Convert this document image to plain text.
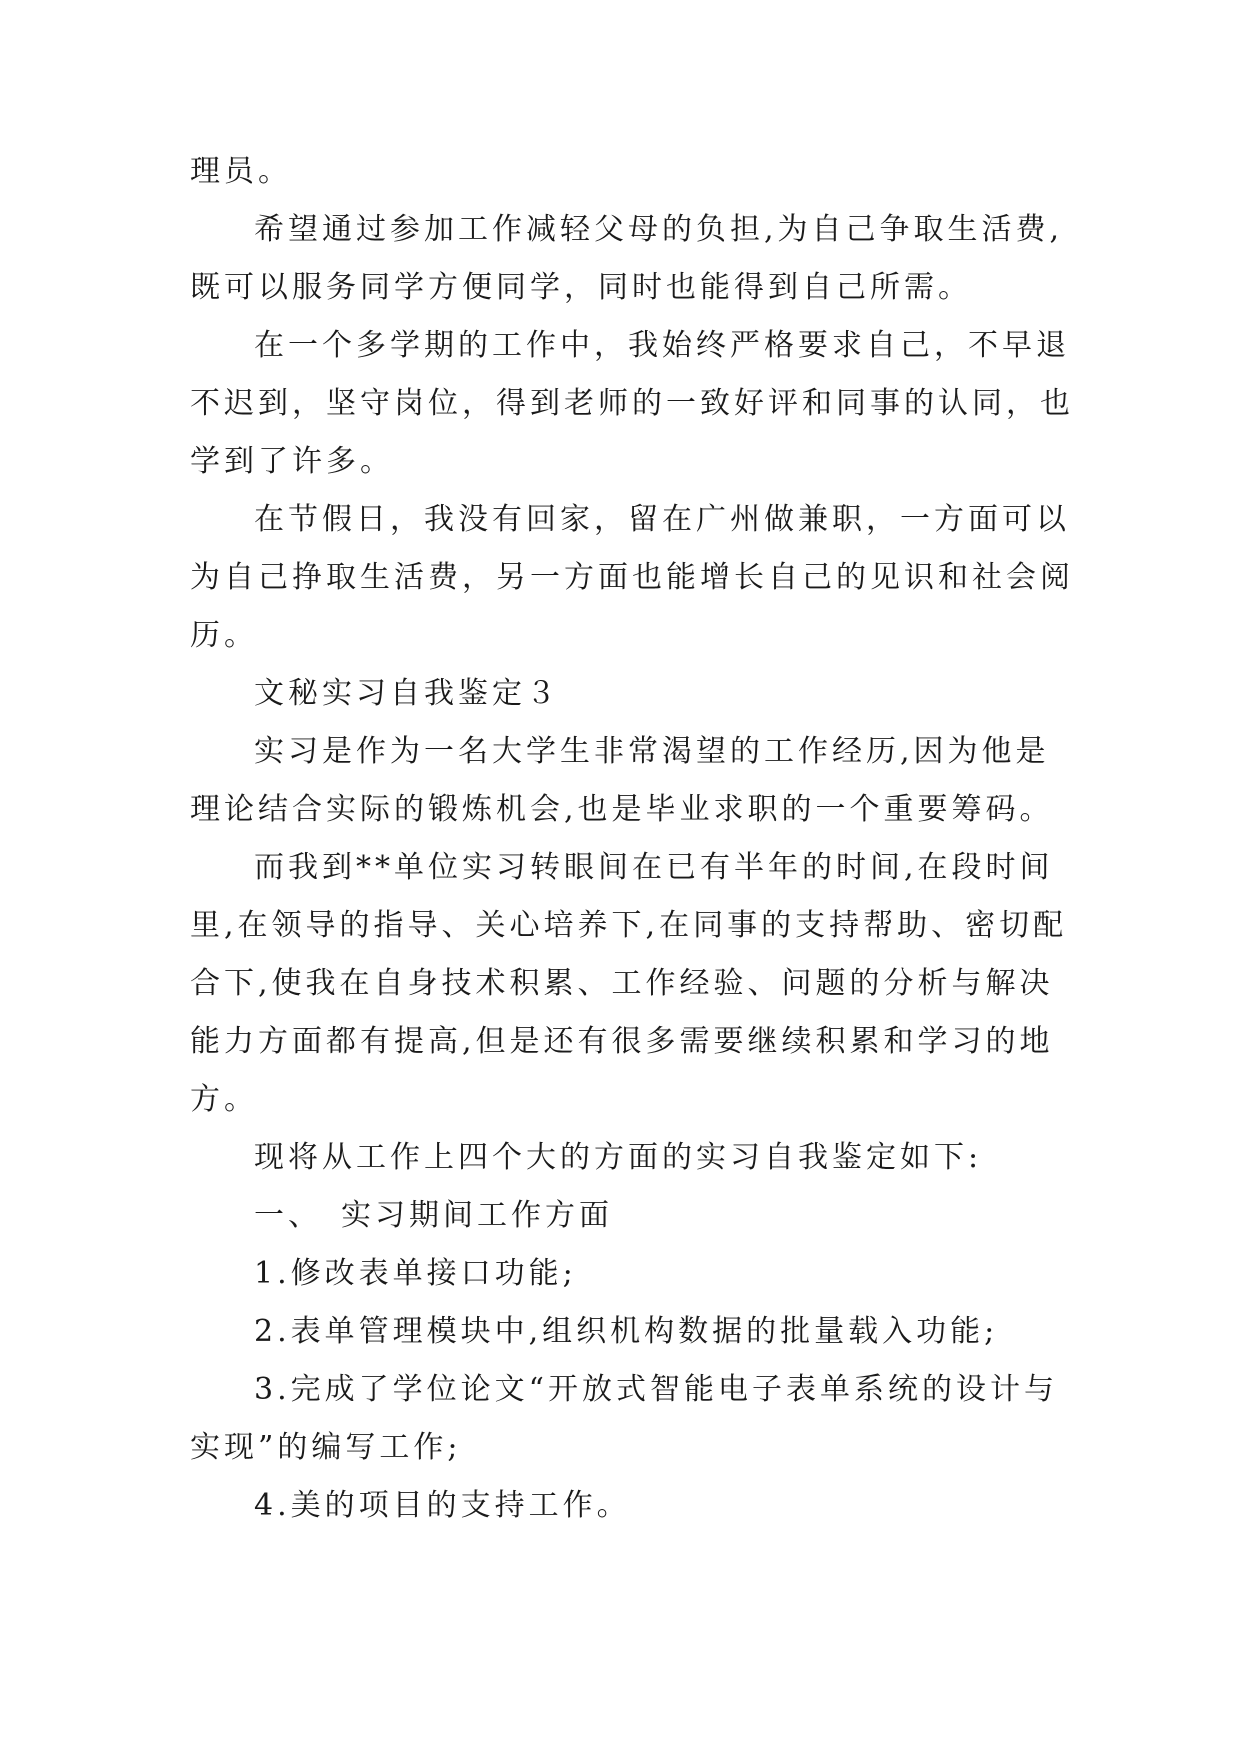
理员。

希望通过参加工作减轻父母的负担,为自己争取生活费,

既可以服务同学方便同学，同时也能得到自己所需。

在一个多学期的工作中，我始终严格要求自己，不早退

不迟到，坚守岗位，得到老师的一致好评和同事的认同，也

学到了许多。

在节假日，我没有回家，留在广州做兼职，一方面可以

为自己挣取生活费，另一方面也能增长自己的见识和社会阅

历。

文秘实习自我鉴定３

实习是作为一名大学生非常渴望的工作经历,因为他是

理论结合实际的锻炼机会,也是毕业求职的一个重要筹码。

而我到**单位实习转眼间在已有半年的时间,在段时间

里,在领导的指导、关心培养下,在同事的支持帮助、密切配

合下,使我在自身技术积累、工作经验、问题的分析与解决

能力方面都有提高,但是还有很多需要继续积累和学习的地

方。

现将从工作上四个大的方面的实习自我鉴定如下:

一、　实习期间工作方面

1.修改表单接口功能;

2.表单管理模块中,组织机构数据的批量载入功能;

3.完成了学位论文“开放式智能电子表单系统的设计与

实现”的编写工作;

4.美的项目的支持工作。
